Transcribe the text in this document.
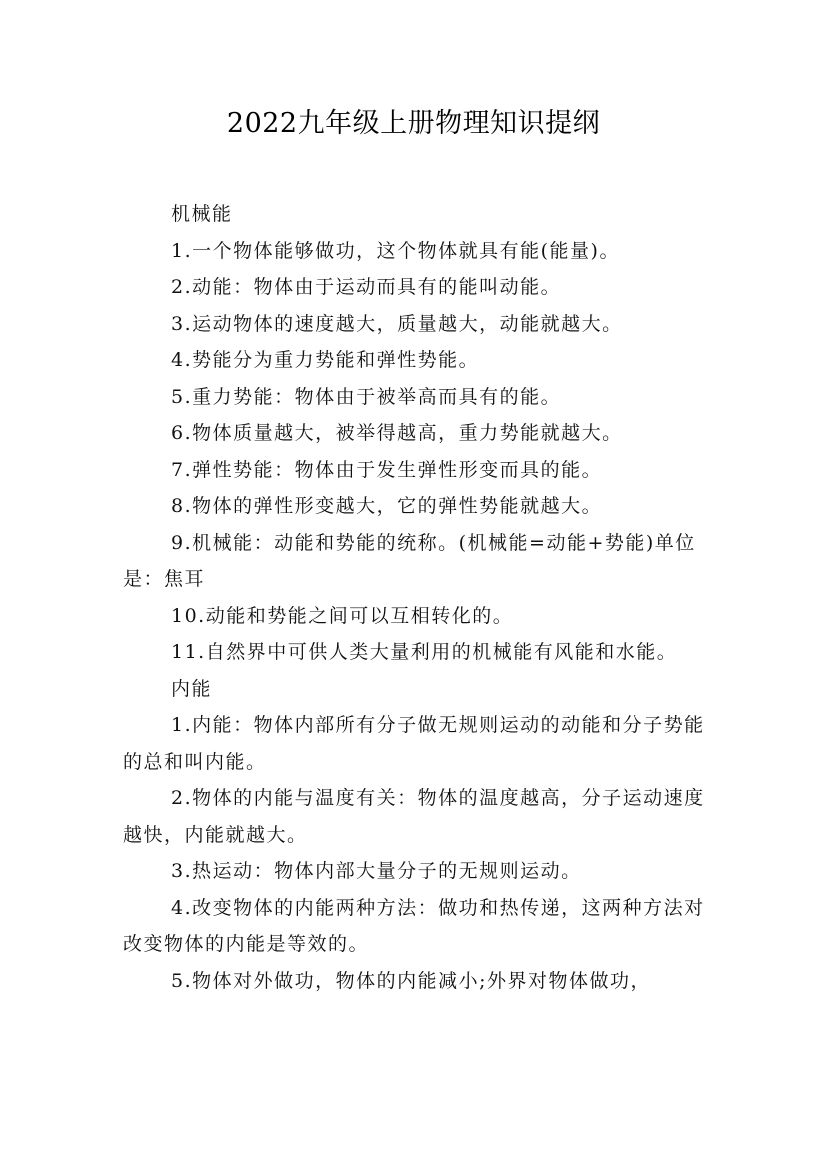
2022九年级上册物理知识提纲

机械能

1.一个物体能够做功，这个物体就具有能(能量)。

2.动能：物体由于运动而具有的能叫动能。

3.运动物体的速度越大，质量越大，动能就越大。

4.势能分为重力势能和弹性势能。

5.重力势能：物体由于被举高而具有的能。

6.物体质量越大，被举得越高，重力势能就越大。

7.弹性势能：物体由于发生弹性形变而具的能。

8.物体的弹性形变越大，它的弹性势能就越大。

9.机械能：动能和势能的统称。(机械能=动能+势能)单位是：焦耳

10.动能和势能之间可以互相转化的。

11.自然界中可供人类大量利用的机械能有风能和水能。

内能

1.内能：物体内部所有分子做无规则运动的动能和分子势能的总和叫内能。

2.物体的内能与温度有关：物体的温度越高，分子运动速度越快，内能就越大。

3.热运动：物体内部大量分子的无规则运动。

4.改变物体的内能两种方法：做功和热传递，这两种方法对改变物体的内能是等效的。

5.物体对外做功，物体的内能减小;外界对物体做功，
